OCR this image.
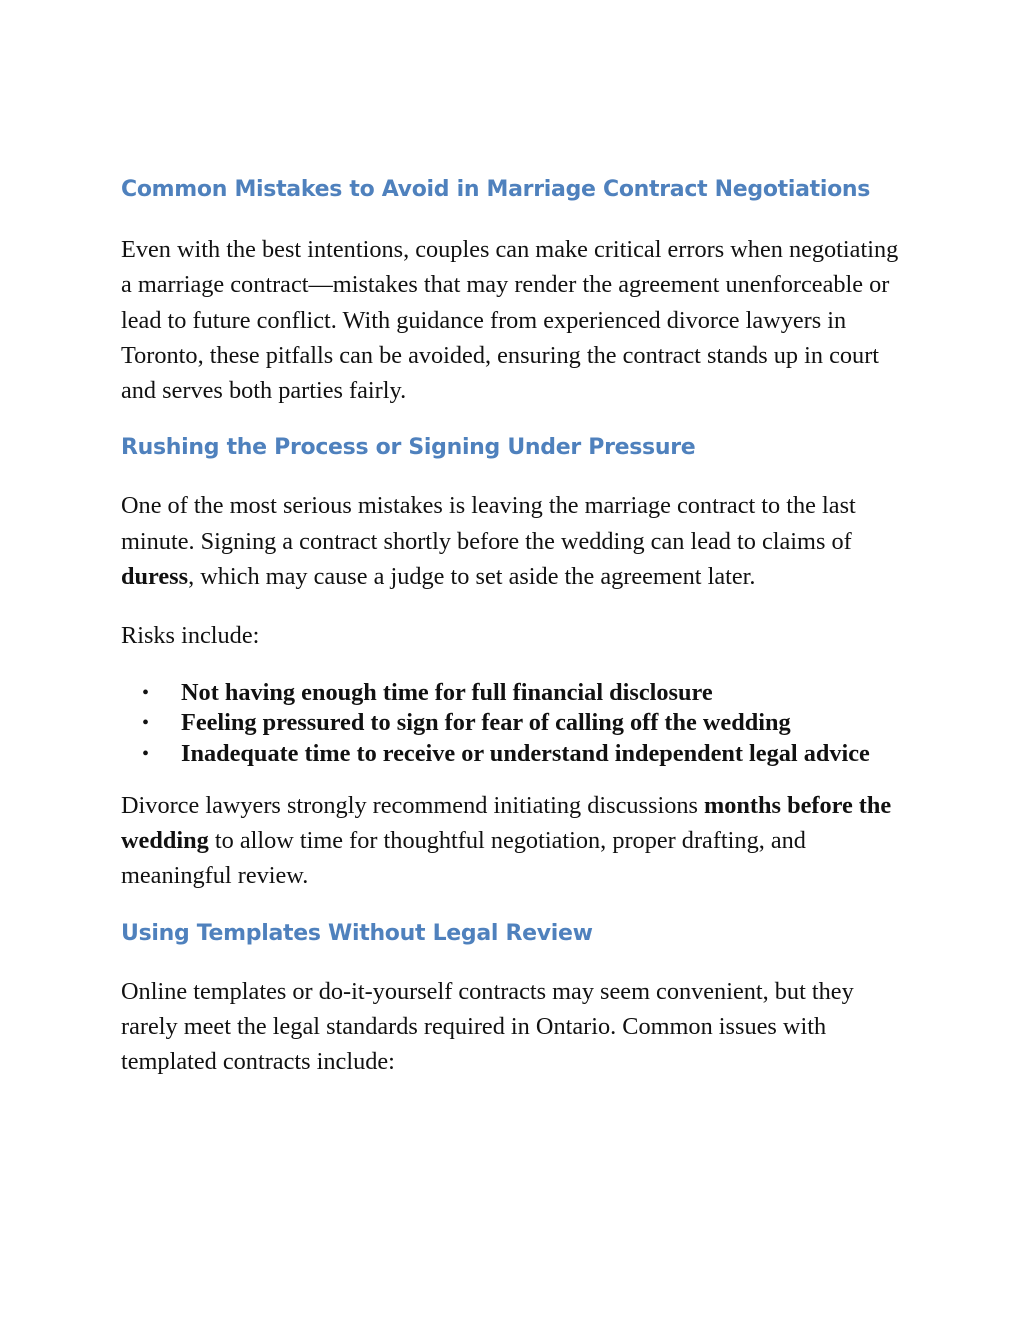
Common Mistakes to Avoid in Marriage Contract Negotiations

Even with the best intentions, couples can make critical errors when negotiating a marriage contract—mistakes that may render the agreement unenforceable or lead to future conflict. With guidance from experienced divorce lawyers in Toronto, these pitfalls can be avoided, ensuring the contract stands up in court and serves both parties fairly.

Rushing the Process or Signing Under Pressure

One of the most serious mistakes is leaving the marriage contract to the last minute. Signing a contract shortly before the wedding can lead to claims of duress, which may cause a judge to set aside the agreement later.

Risks include:

• Not having enough time for full financial disclosure
• Feeling pressured to sign for fear of calling off the wedding
• Inadequate time to receive or understand independent legal advice

Divorce lawyers strongly recommend initiating discussions months before the wedding to allow time for thoughtful negotiation, proper drafting, and meaningful review.

Using Templates Without Legal Review

Online templates or do-it-yourself contracts may seem convenient, but they rarely meet the legal standards required in Ontario. Common issues with templated contracts include:
